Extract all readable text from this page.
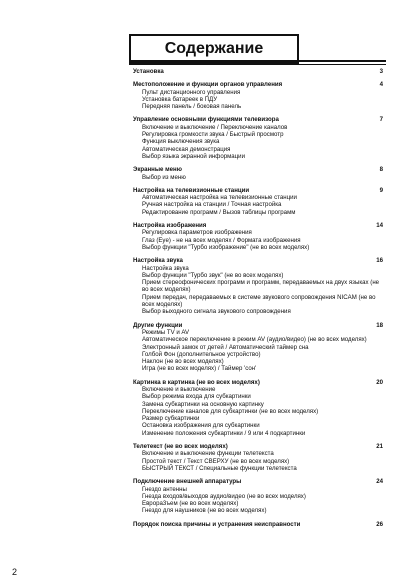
Содержание
Установка	3
Местоположение и функции органов управления	4
Пульт дистанционного управления
Установка батареек в ПДУ
Передняя панель / боковая панель
Управление основными функциями телевизора	7
Включение и выключение / Переключение каналов
Регулировка громкости звука / Быстрый просмотр
Функция выключения звука
Автоматическая демонстрация
Выбор языка экранной информации
Экранные меню	8
Выбор из меню
Настройка на телевизионные станции	9
Автоматическая настройка на телевизионные станции
Ручная настройка на станции / Точная настройка
Редактирование программ / Вызов таблицы программ
Настройка изображения	14
Регулировка параметров изображения
Глаз (Eye) - не на всех моделях / Формата изображения
Выбор функции "Турбо изображение" (не во всех моделях)
Настройка звука	16
Настройка звука
Выбор функции "Турбо звук" (не во всех моделях)
Прием стереофонических программ и программ, передаваемых на двух языках (не во всех моделях)
Прием передач, передаваемых в системе звукового сопровождения NICAM (не во всех моделях)
Выбор выходного сигнала звукового сопровождения
Другие функции	18
Режимы TV и AV
Автоматическое переключение в режим AV (аудио/видео) (не во всех моделях)
Электронный замок от детей / Автоматический таймер сна
Голбой Фон (дополнительное устройство)
Наклон (не во всех моделях)
Игра (не во всех моделях) / Таймер 'сон'
Картинка в картинка (не во всех моделях)	20
Включение и выключение
Выбор режима входа для субкартинки
Замена субкартинки на основную картинку
Переключение каналов для субкартинки (не во всех моделях)
Размер субкартинки
Остановка изображения для субкартинки
Изменение положения субкартинки / 9 или 4 подкартинки
Телетекст (не во всех моделях)	21
Включение и выключение функции телетекста
Простой текст / Текст СВЕРХУ (не во всех моделях)
БЫСТРЫЙ ТЕКСТ / Специальные функции телетекста
Подключение внешней аппаратуры	24
Гнездо антенны
Гнезда входов/выходов аудио/видео (не во всех моделях)
Еврора3ъем (не во всех моделях)
Гнездо для наушников (не во всех моделях)
Порядок поиска причины и устранения неисправности	26
2
